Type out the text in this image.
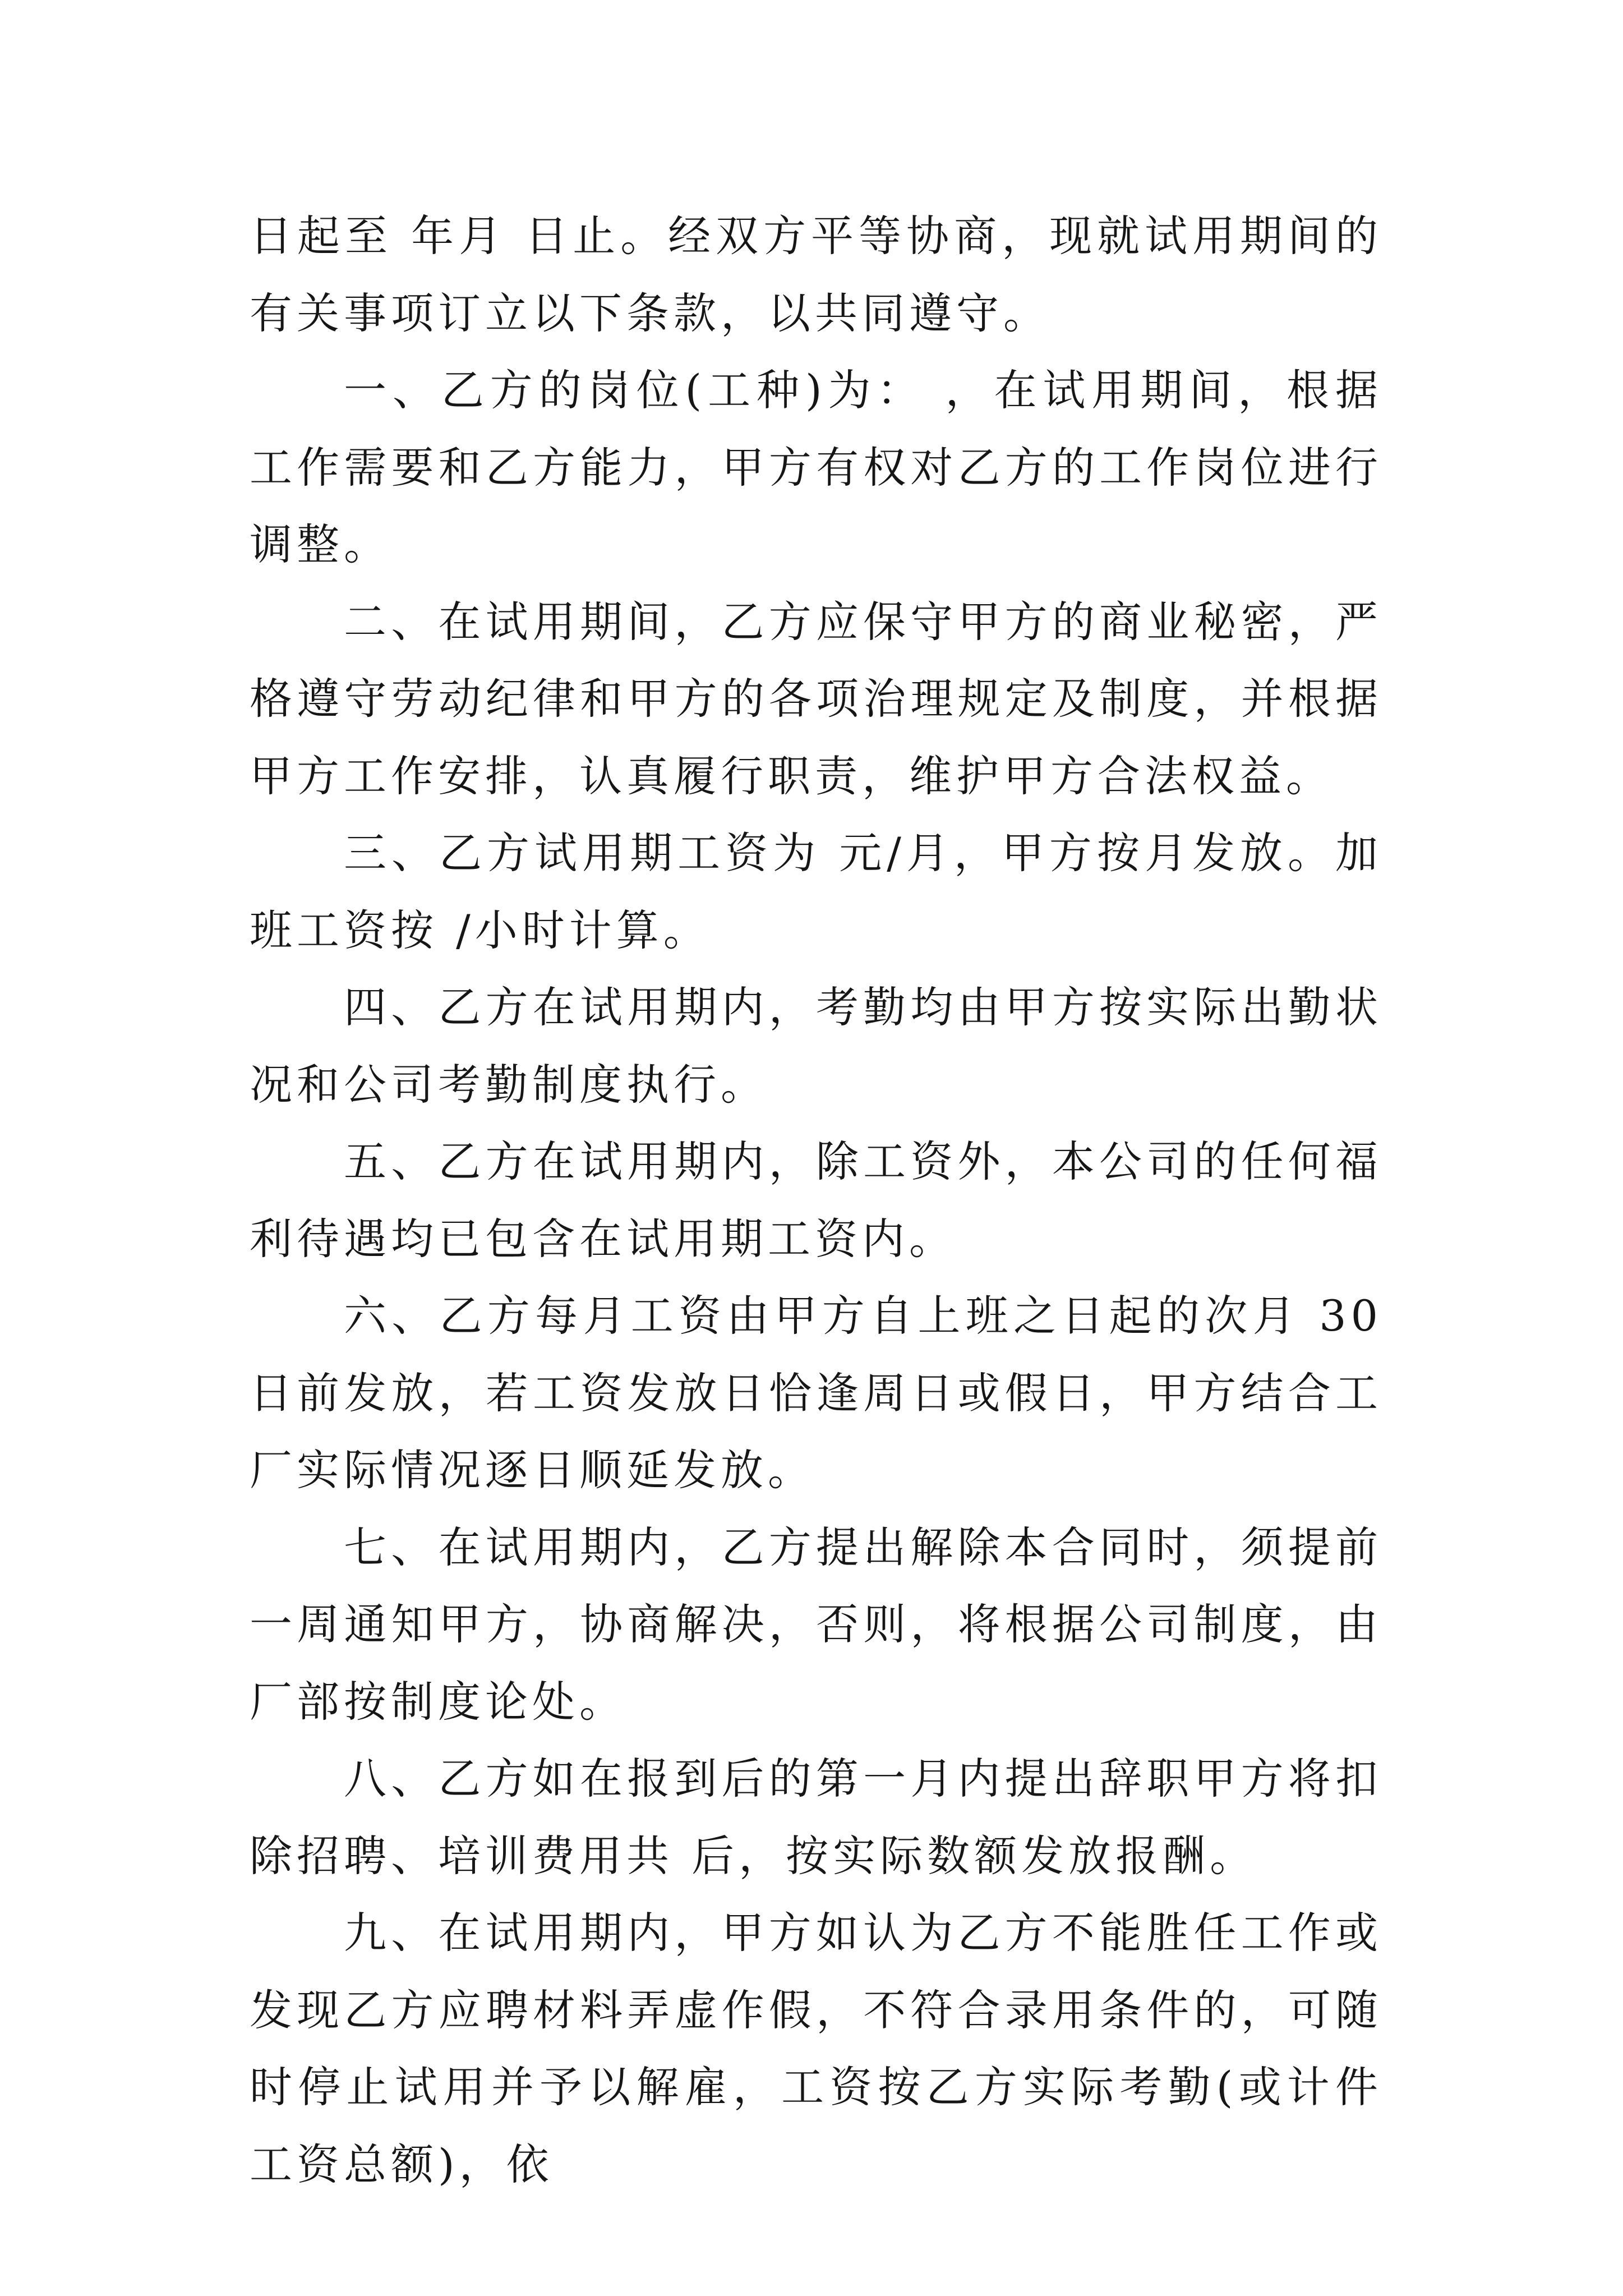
日起至 年月 日止。经双方平等协商，现就试用期间的有关事项订立以下条款，以共同遵守。

一、乙方的岗位(工种)为： ，在试用期间，根据工作需要和乙方能力，甲方有权对乙方的工作岗位进行调整。

二、在试用期间，乙方应保守甲方的商业秘密，严格遵守劳动纪律和甲方的各项治理规定及制度，并根据甲方工作安排，认真履行职责，维护甲方合法权益。

三、乙方试用期工资为 元/月，甲方按月发放。加班工资按 /小时计算。

四、乙方在试用期内，考勤均由甲方按实际出勤状况和公司考勤制度执行。

五、乙方在试用期内，除工资外，本公司的任何福利待遇均已包含在试用期工资内。

六、乙方每月工资由甲方自上班之日起的次月 30 日前发放，若工资发放日恰逢周日或假日，甲方结合工厂实际情况逐日顺延发放。

七、在试用期内，乙方提出解除本合同时，须提前一周通知甲方，协商解决，否则，将根据公司制度，由厂部按制度论处。

八、乙方如在报到后的第一月内提出辞职甲方将扣除招聘、培训费用共 后，按实际数额发放报酬。

九、在试用期内，甲方如认为乙方不能胜任工作或发现乙方应聘材料弄虚作假，不符合录用条件的，可随时停止试用并予以解雇，工资按乙方实际考勤(或计件工资总额)，依
